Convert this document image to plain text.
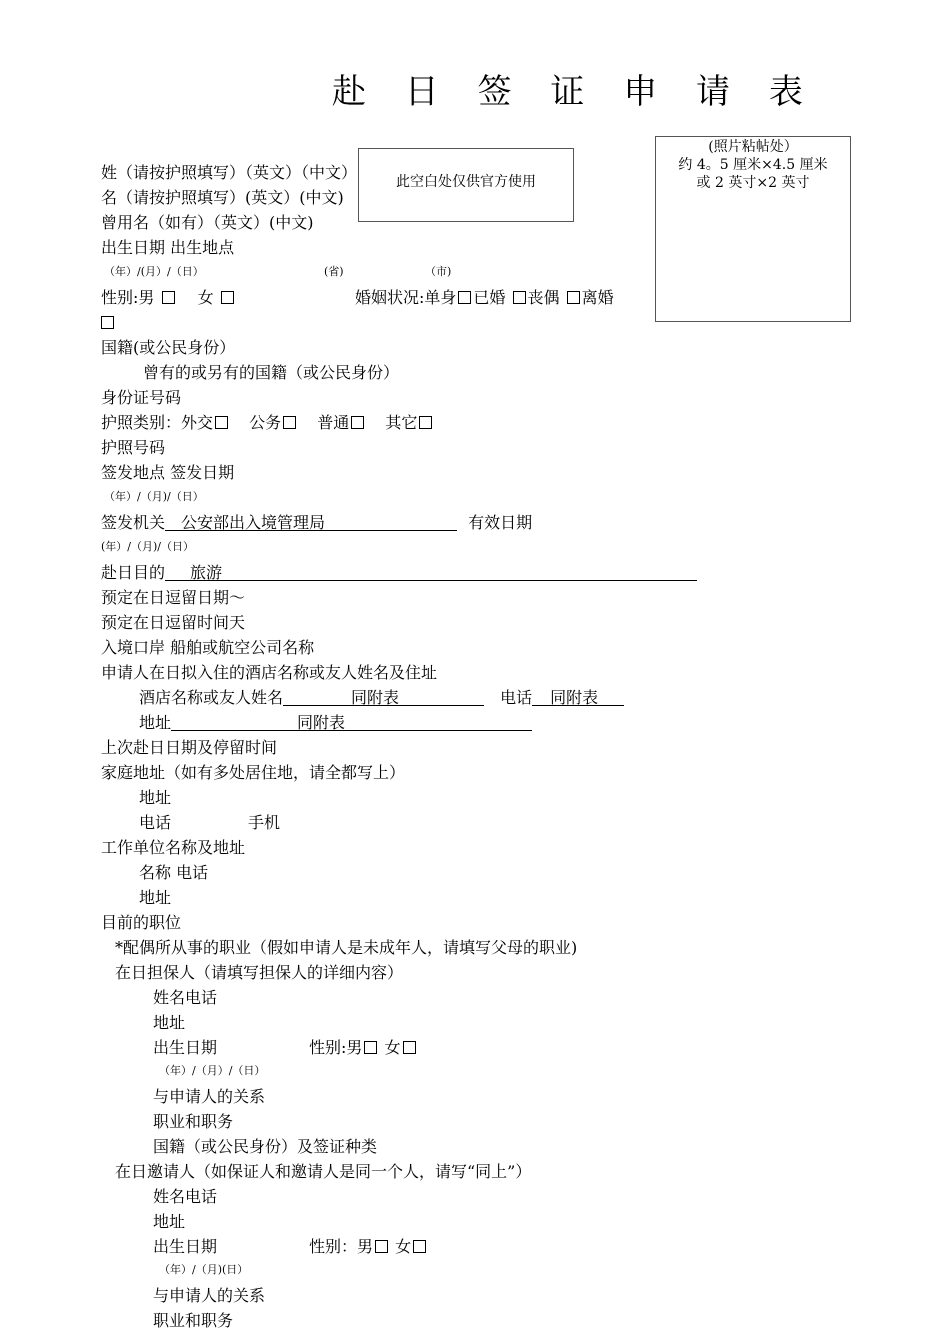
赴 日 签 证 申 请 表
此空白处仅供官方使用
(照片粘帖处）
约 4。5 厘米×4.5 厘米
或 2 英寸×2 英寸
姓（请按护照填写）（英文）（中文）
名（请按护照填写）(英文）(中文)
曾用名（如有）（英文）(中文)
出生日期 出生地点
（年）/(月）/（日）	(省)	（市)
性别:男	女	婚姻状况:单身 已婚 丧偶 离婚
国籍(或公民身份）
曾有的或另有的国籍（或公民身份）
身份证号码
护照类别：外交 公务 普通 其它
护照号码
签发地点 签发日期
（年）/（月)/（日）
签发机关 公安部出入境管理局	有效日期
(年）/（月)/（日）
赴日目的 旅游
预定在日逗留日期～
预定在日逗留时间天
入境口岸 船舶或航空公司名称
申请人在日拟入住的酒店名称或友人姓名及住址
酒店名称或友人姓名	同附表	电话 同附表
地址	同附表
上次赴日日期及停留时间
家庭地址（如有多处居住地，请全都写上）
地址
电话	手机
工作单位名称及地址
名称 电话
地址
目前的职位
*配偶所从事的职业（假如申请人是未成年人，请填写父母的职业)
在日担保人（请填写担保人的详细内容）
姓名电话
地址
出生日期	性别:男 女
（年）/（月）/（日）
与申请人的关系
职业和职务
国籍（或公民身份）及签证种类
在日邀请人（如保证人和邀请人是同一个人，请写“同上”）
姓名电话
地址
出生日期	性别：男 女
（年）/（月)(日）
与申请人的关系
职业和职务
